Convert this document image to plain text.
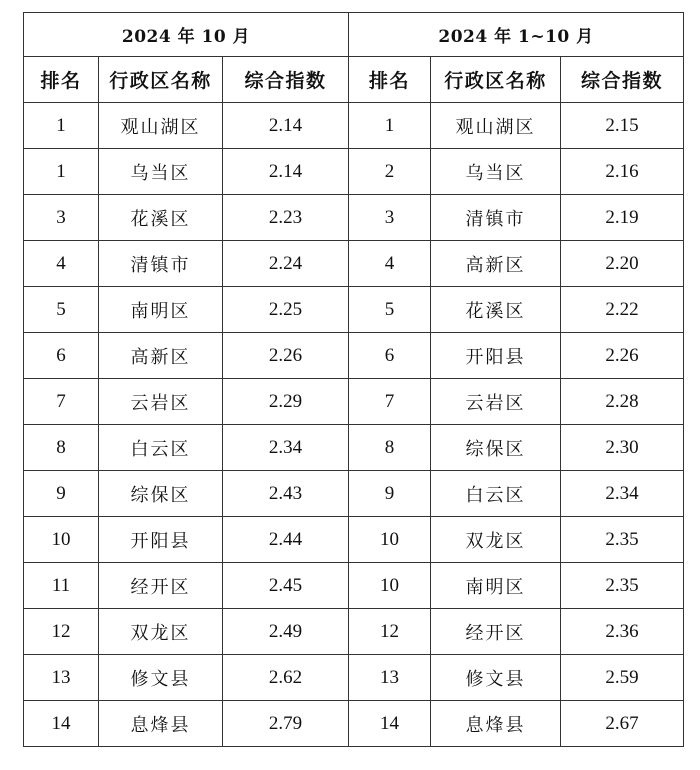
2024 年 10 月			2024 年 1~10 月		
排名	行政区名称	综合指数	排名	行政区名称	综合指数
1	观山湖区	2.14	1	观山湖区	2.15
1	乌当区	2.14	2	乌当区	2.16
3	花溪区	2.23	3	清镇市	2.19
4	清镇市	2.24	4	高新区	2.20
5	南明区	2.25	5	花溪区	2.22
6	高新区	2.26	6	开阳县	2.26
7	云岩区	2.29	7	云岩区	2.28
8	白云区	2.34	8	综保区	2.30
9	综保区	2.43	9	白云区	2.34
10	开阳县	2.44	10	双龙区	2.35
11	经开区	2.45	10	南明区	2.35
12	双龙区	2.49	12	经开区	2.36
13	修文县	2.62	13	修文县	2.59
14	息烽县	2.79	14	息烽县	2.67
